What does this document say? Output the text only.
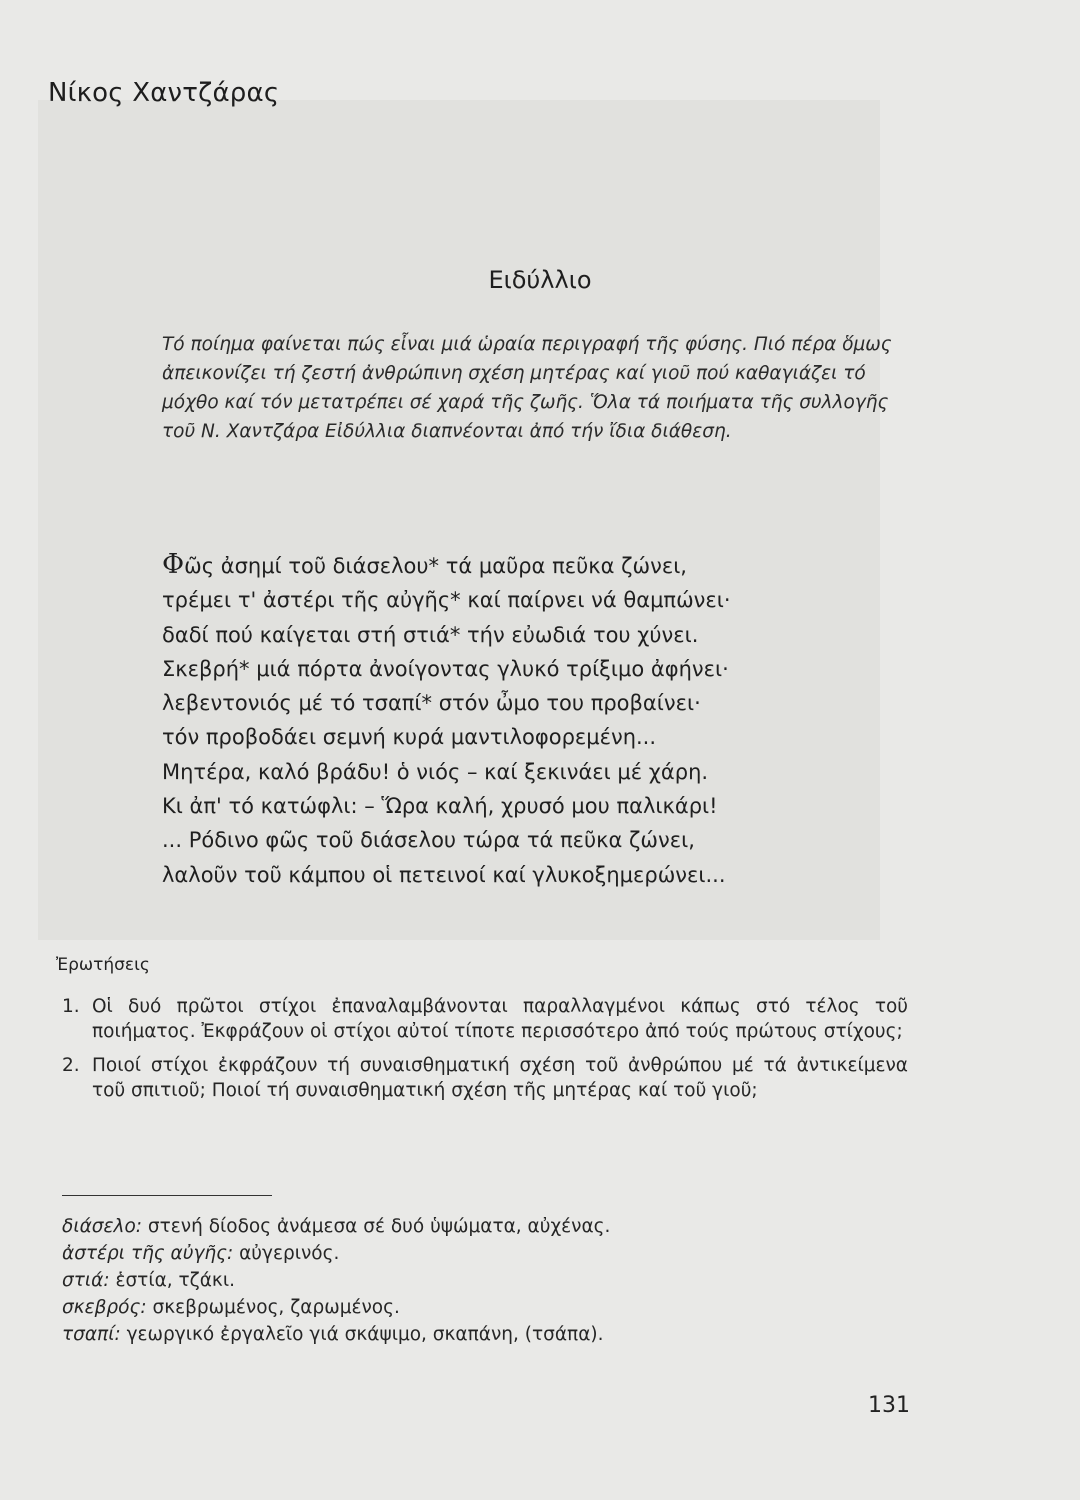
Νίκος Χαντζάρας
Ειδύλλιο
Τό ποίημα φαίνεται πώς εἶναι μιά ὡραία περιγραφή τῆς φύσης. Πιό πέρα ὅμως ἀπεικονίζει τή ζεστή ἀνθρώπινη σχέση μητέρας καί γιοῦ πού καθαγιάζει τό μόχθο καί τόν μετατρέπει σέ χαρά τῆς ζωῆς. Ὅλα τά ποιήματα τῆς συλλογῆς τοῦ Ν. Χαντζάρα Εἰδύλλια διαπνέονται ἀπό τήν ἴδια διάθεση.
Φῶς ἀσημί τοῦ διάσελου* τά μαῦρα πεῦκα ζώνει,
τρέμει τ' ἀστέρι τῆς αὐγῆς* καί παίρνει νά θαμπώνει·
δαδί πού καίγεται στή στιά* τήν εὐωδιά του χύνει.
Σκεβρή* μιά πόρτα ἀνοίγοντας γλυκό τρίξιμο ἀφήνει·
λεβεντονιός μέ τό τσαπί* στόν ὦμο του προβαίνει·
τόν προβοδάει σεμνή κυρά μαντιλοφορεμένη...
Μητέρα, καλό βράδυ! ὁ νιός – καί ξεκινάει μέ χάρη.
Κι ἀπ' τό κατώφλι: – Ὥρα καλή, χρυσό μου παλικάρι!
... Ρόδινο φῶς τοῦ διάσελου τώρα τά πεῦκα ζώνει,
λαλοῦν τοῦ κάμπου οἱ πετεινοί καί γλυκοξημερώνει...
Ἐρωτήσεις
1. Οἱ δυό πρῶτοι στίχοι ἐπαναλαμβάνονται παραλλαγμένοι κάπως στό τέλος τοῦ ποιήματος. Ἐκφράζουν οἱ στίχοι αὐτοί τίποτε περισσότερο ἀπό τούς πρώτους στίχους;
2. Ποιοί στίχοι ἐκφράζουν τή συναισθηματική σχέση τοῦ ἀνθρώπου μέ τά ἀντικείμενα τοῦ σπιτιοῦ; Ποιοί τή συναισθηματική σχέση τῆς μητέρας καί τοῦ γιοῦ;
διάσελο: στενή δίοδος ἀνάμεσα σέ δυό ὑψώματα, αὐχένας.
ἀστέρι τῆς αὐγῆς: αὐγερινός.
στιά: ἑστία, τζάκι.
σκεβρός: σκεβρωμένος, ζαρωμένος.
τσαπί: γεωργικό ἐργαλεῖο γιά σκάψιμο, σκαπάνη, (τσάπα).
131
